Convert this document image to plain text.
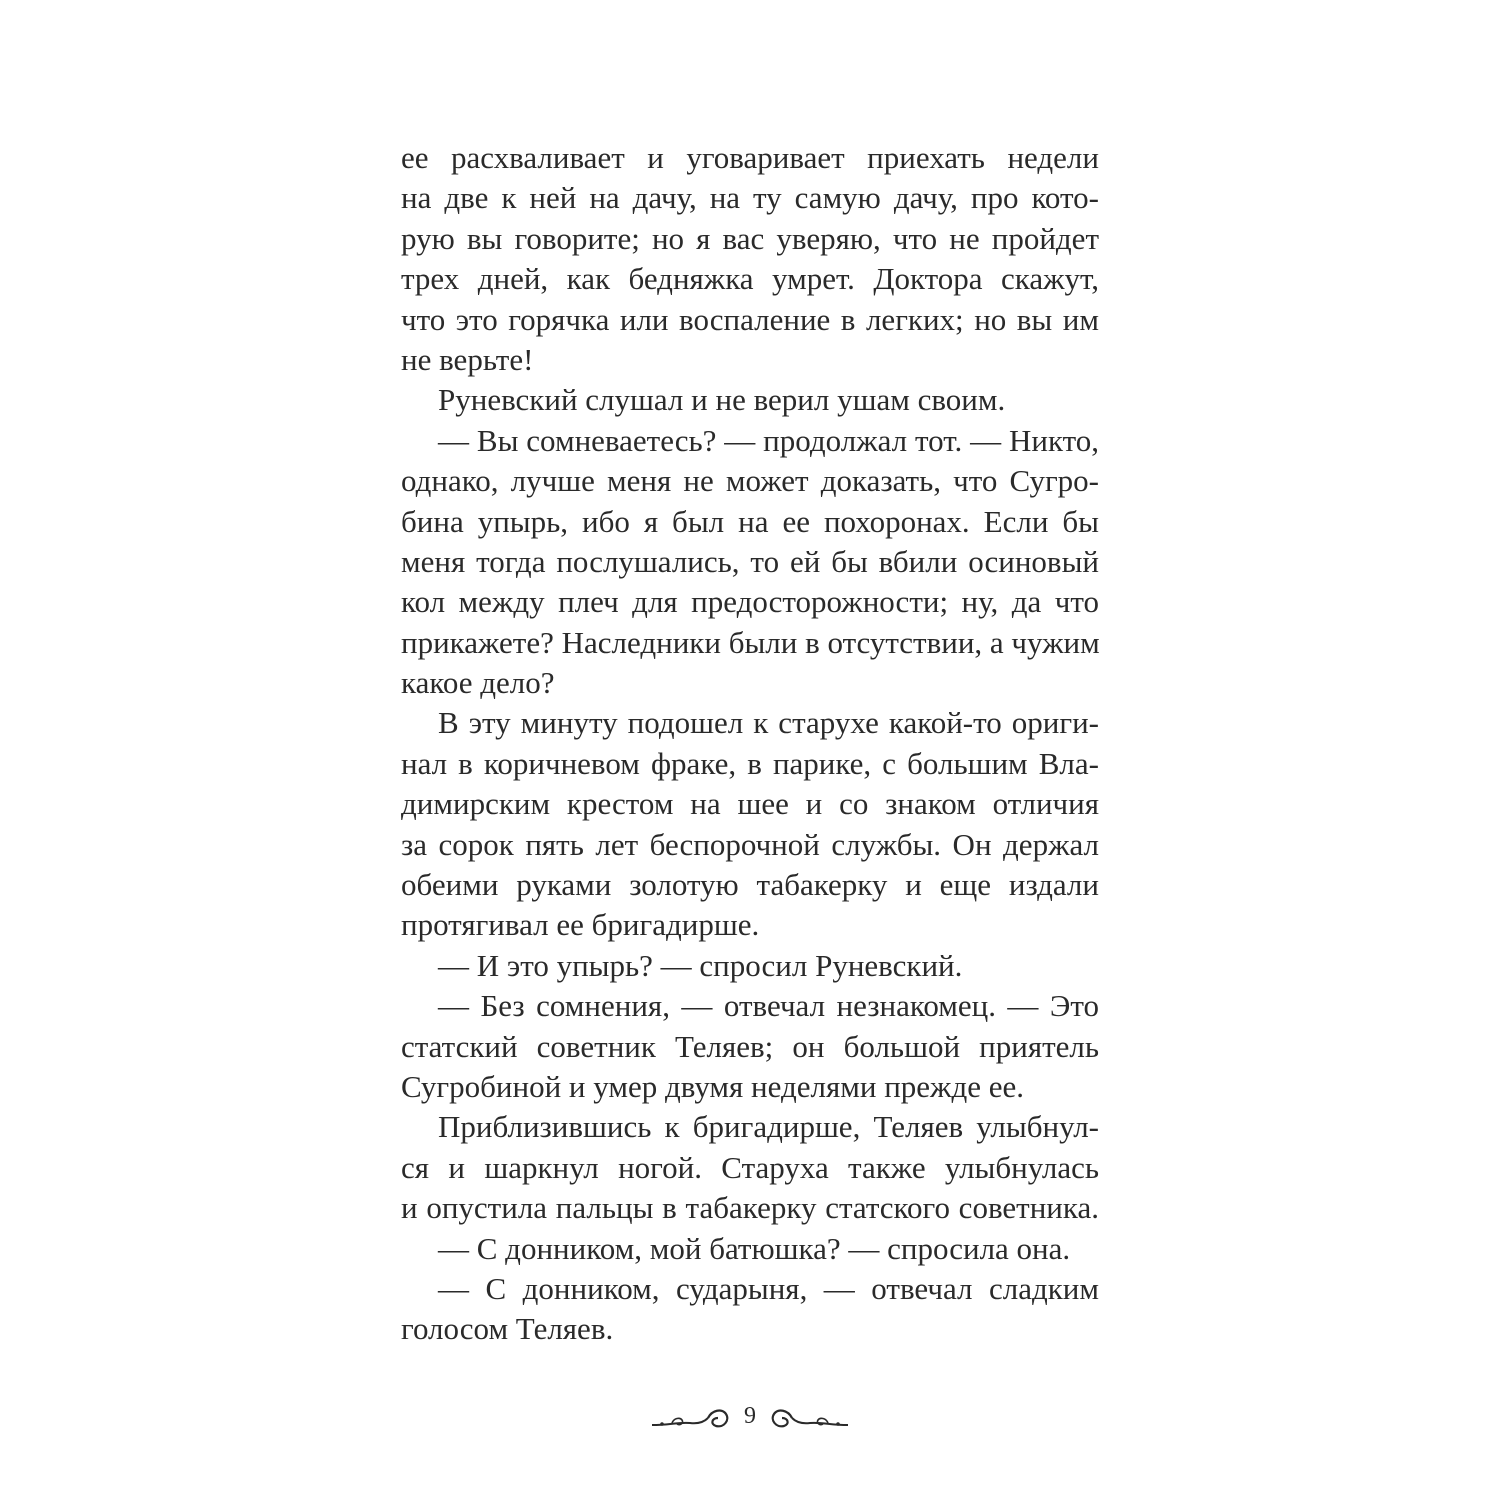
ее расхваливает и уговаривает приехать недели
на две к ней на дачу, на ту самую дачу, про кото-
рую вы говорите; но я вас уверяю, что не пройдет
трех дней, как бедняжка умрет. Доктора скажут,
что это горячка или воспаление в легких; но вы им
не верьте!
Руневский слушал и не верил ушам своим.
— Вы сомневаетесь? — продолжал тот. — Никто,
однако, лучше меня не может доказать, что Сугро-
бина упырь, ибо я был на ее похоронах. Если бы
меня тогда послушались, то ей бы вбили осиновый
кол между плеч для предосторожности; ну, да что
прикажете? Наследники были в отсутствии, а чужим
какое дело?
В эту минуту подошел к старухе какой-то ориги-
нал в коричневом фраке, в парике, с большим Вла-
димирским крестом на шее и со знаком отличия
за сорок пять лет беспорочной службы. Он держал
обеими руками золотую табакерку и еще издали
протягивал ее бригадирше.
— И это упырь? — спросил Руневский.
— Без сомнения, — отвечал незнакомец. — Это
статский советник Теляев; он большой приятель
Сугробиной и умер двумя неделями прежде ее.
Приблизившись к бригадирше, Теляев улыбнул-
ся и шаркнул ногой. Старуха также улыбнулась
и опустила пальцы в табакерку статского советника.
— С донником, мой батюшка? — спросила она.
— С донником, сударыня, — отвечал сладким
голосом Теляев.
9
